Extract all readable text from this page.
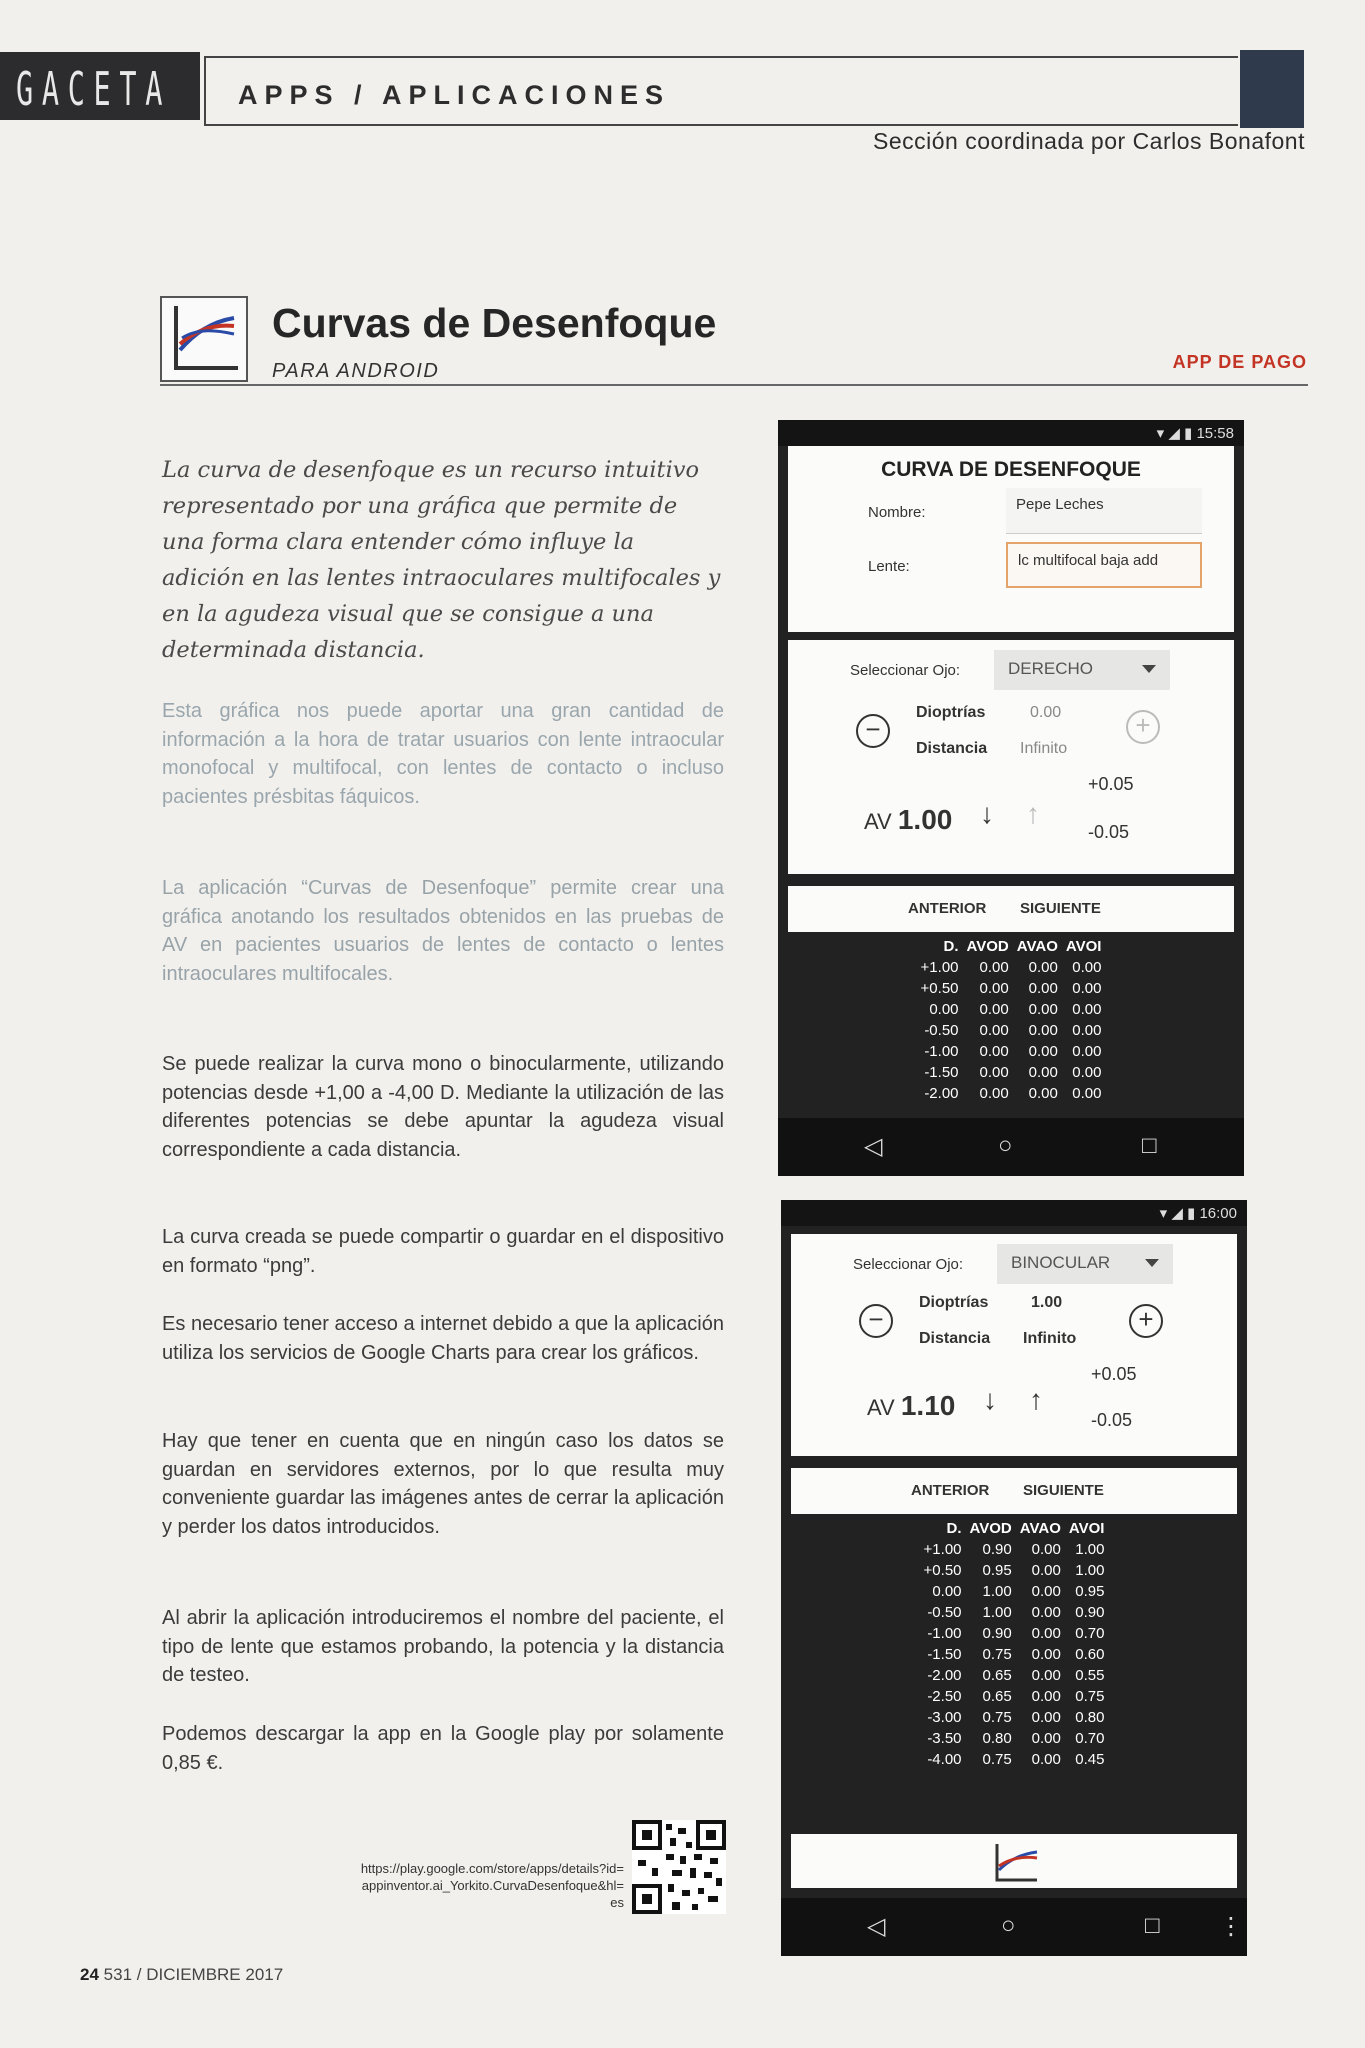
GACETA APPS / APLICACIONES
Sección coordinada por Carlos Bonafont
Curvas de Desenfoque
PARA ANDROID	APP DE PAGO
La curva de desenfoque es un recurso intuitivo representado por una gráfica que permite de una forma clara entender cómo influye la adición en las lentes intraoculares multifocales y en la agudeza visual que se consigue a una determinada distancia.
Esta gráfica nos puede aportar una gran cantidad de información a la hora de tratar usuarios con lente intraocular monofocal y multifocal, con lentes de contacto o incluso pacientes présbitas fáquicos.
La aplicación “Curvas de Desenfoque” permite crear una gráfica anotando los resultados obtenidos en las pruebas de AV en pacientes usuarios de lentes de contacto o lentes intraoculares multifocales.
Se puede realizar la curva mono o binocularmente, utilizando potencias desde +1,00 a -4,00 D. Mediante la utilización de las diferentes potencias se debe apuntar la agudeza visual correspondiente a cada distancia.
La curva creada se puede compartir o guardar en el dispositivo en formato “png”.
Es necesario tener acceso a internet debido a que la aplicación utiliza los servicios de Google Charts para crear los gráficos.
Hay que tener en cuenta que en ningún caso los datos se guardan en servidores externos, por lo que resulta muy conveniente guardar las imágenes antes de cerrar la aplicación y perder los datos introducidos.
Al abrir la aplicación introduciremos el nombre del paciente, el tipo de lente que estamos probando, la potencia y la distancia de testeo.
Podemos descargar la app en la Google play por solamente 0,85 €.
https://play.google.com/store/apps/details?id=appinventor.ai_Yorkito.CurvaDesenfoque&hl=es
24 531 / DICIEMBRE 2017
▾ ◢ ▮ 15:58
CURVA DE DESENFOQUE
Nombre:	Pepe Leches
Lente:	lc multifocal baja add
Seleccionar Ojo:	DERECHO
−
Dioptrías	0.00
Distancia Infinito
+
AV 1.00 ↓ ↑
+0.05
-0.05
ANTERIOR SIGUIENTE
D.	AVOD	AVAO	AVOI
+1.00	0.00	0.00	0.00
+0.50	0.00	0.00	0.00
0.00	0.00	0.00	0.00
-0.50	0.00	0.00	0.00
-1.00	0.00	0.00	0.00
-1.50	0.00	0.00	0.00
-2.00	0.00	0.00	0.00
◁	○	□
▾ ◢ ▮ 16:00
Seleccionar Ojo:	BINOCULAR
−
Dioptrías	1.00
Distancia Infinito
+
AV 1.10 ↓ ↑
+0.05
-0.05
ANTERIOR SIGUIENTE
D.	AVOD	AVAO	AVOI
+1.00	0.90	0.00	1.00
+0.50	0.95	0.00	1.00
0.00	1.00	0.00	0.95
-0.50	1.00	0.00	0.90
-1.00	0.90	0.00	0.70
-1.50	0.75	0.00	0.60
-2.00	0.65	0.00	0.55
-2.50	0.65	0.00	0.75
-3.00	0.75	0.00	0.80
-3.50	0.80	0.00	0.70
-4.00	0.75	0.00	0.45
◁	○	□ ⋮
